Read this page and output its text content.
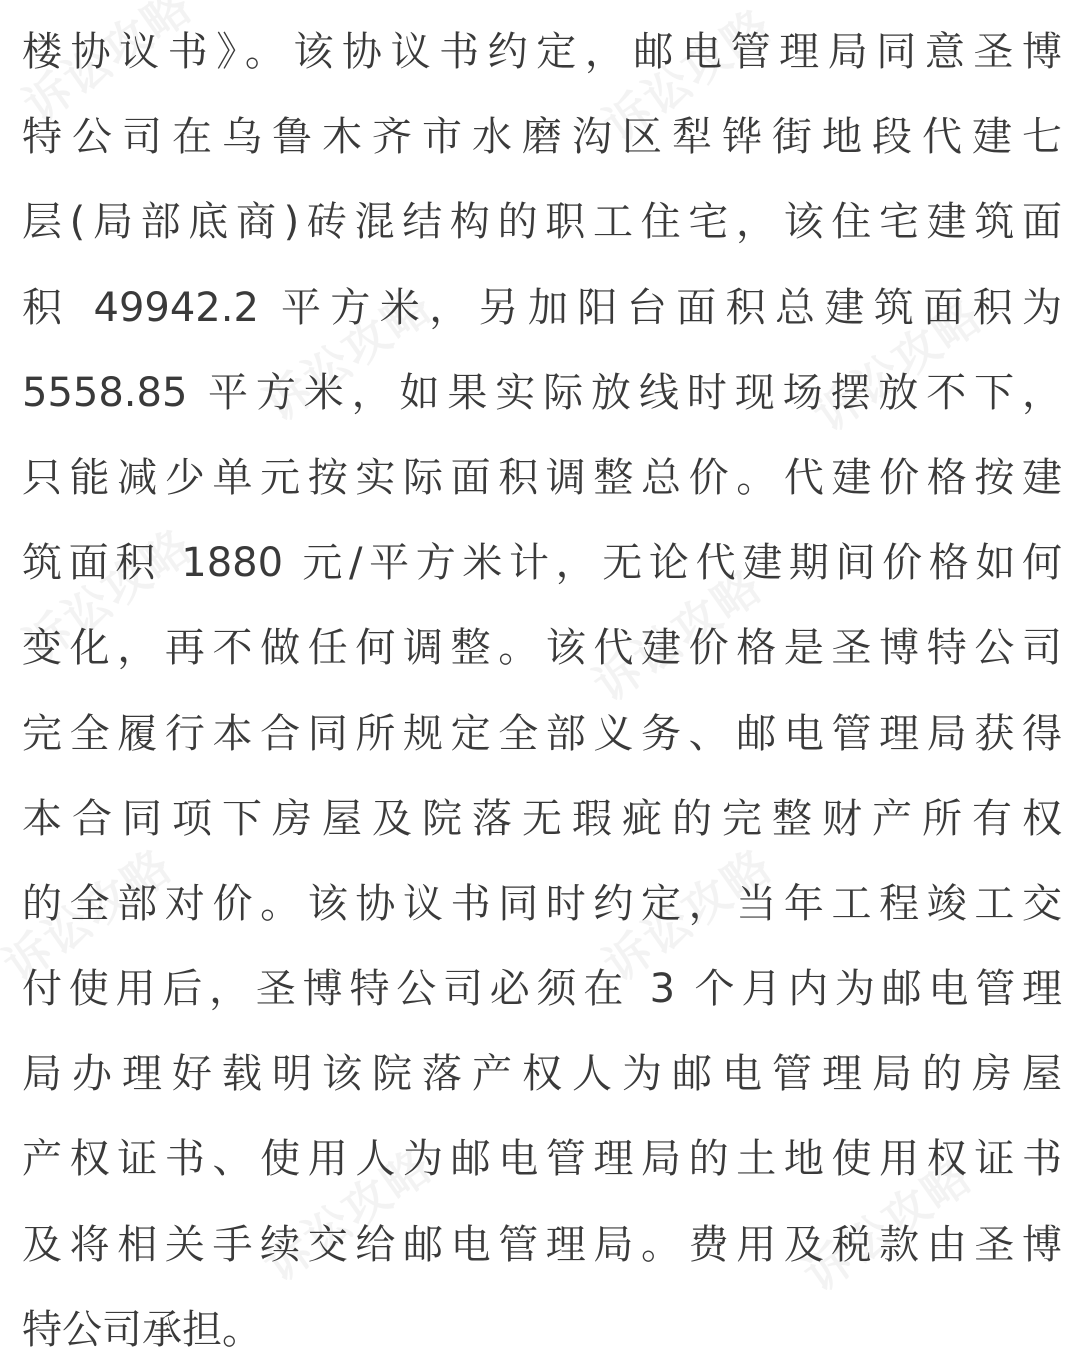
楼协议书》。该协议书约定，邮电管理局同意圣博
特公司在乌鲁木齐市水磨沟区犁铧街地段代建七
层(局部底商)砖混结构的职工住宅，该住宅建筑面
积 49942.2 平方米，另加阳台面积总建筑面积为
5558.85 平方米，如果实际放线时现场摆放不下，
只能减少单元按实际面积调整总价。代建价格按建
筑面积 1880 元/平方米计，无论代建期间价格如何
变化，再不做任何调整。该代建价格是圣博特公司
完全履行本合同所规定全部义务、邮电管理局获得
本合同项下房屋及院落无瑕疵的完整财产所有权
的全部对价。该协议书同时约定，当年工程竣工交
付使用后，圣博特公司必须在 3 个月内为邮电管理
局办理好载明该院落产权人为邮电管理局的房屋
产权证书、使用人为邮电管理局的土地使用权证书
及将相关手续交给邮电管理局。费用及税款由圣博
特公司承担。
